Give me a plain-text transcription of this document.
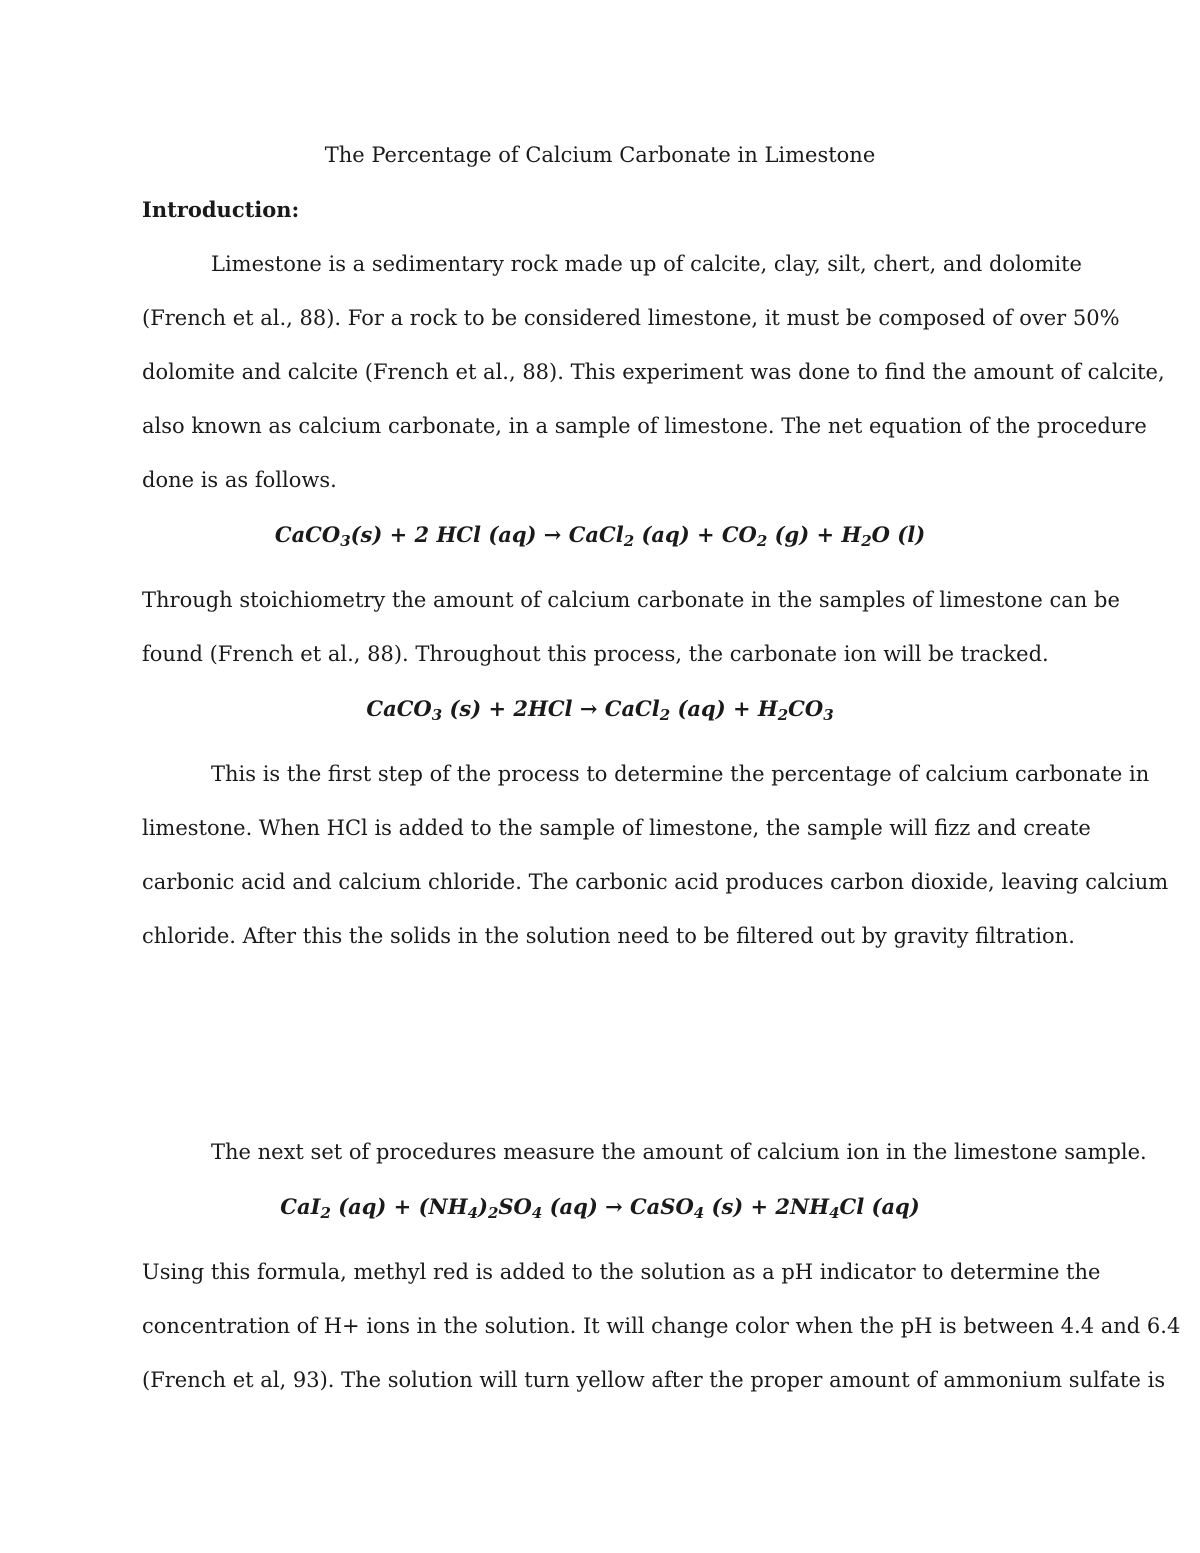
The Percentage of Calcium Carbonate in Limestone
Introduction:
Limestone is a sedimentary rock made up of calcite, clay, silt, chert, and dolomite
(French et al., 88). For a rock to be considered limestone, it must be composed of over 50%
dolomite and calcite (French et al., 88). This experiment was done to find the amount of calcite,
also known as calcium carbonate, in a sample of limestone. The net equation of the procedure
done is as follows.
CaCO$_3$(s) + 2 HCl (aq) → CaCl$_2$ $(aq) + CO_2$ $(g) + H_2O$ (l)
Through stoichiometry the amount of calcium carbonate in the samples of limestone can be
found (French et al., 88). Throughout this process, the carbonate ion will be tracked.
CaCO$_3$ (s) + 2HCl → CaCl$_2$ $(aq) + H_2CO_3$
This is the first step of the process to determine the percentage of calcium carbonate in
limestone. When HCl is added to the sample of limestone, the sample will fizz and create
carbonic acid and calcium chloride. The carbonic acid produces carbon dioxide, leaving calcium
chloride. After this the solids in the solution need to be filtered out by gravity filtration.
The next set of procedures measure the amount of calcium ion in the limestone sample.
CaI$_2$ $(aq) + (NH_4)_2SO_4$ (aq) → CaSO$_4$ $(s) + 2NH_4Cl$ (aq)
Using this formula, methyl red is added to the solution as a pH indicator to determine the
concentration of H+ ions in the solution. It will change color when the pH is between 4.4 and 6.4
(French et al, 93). The solution will turn yellow after the proper amount of ammonium sulfate is
